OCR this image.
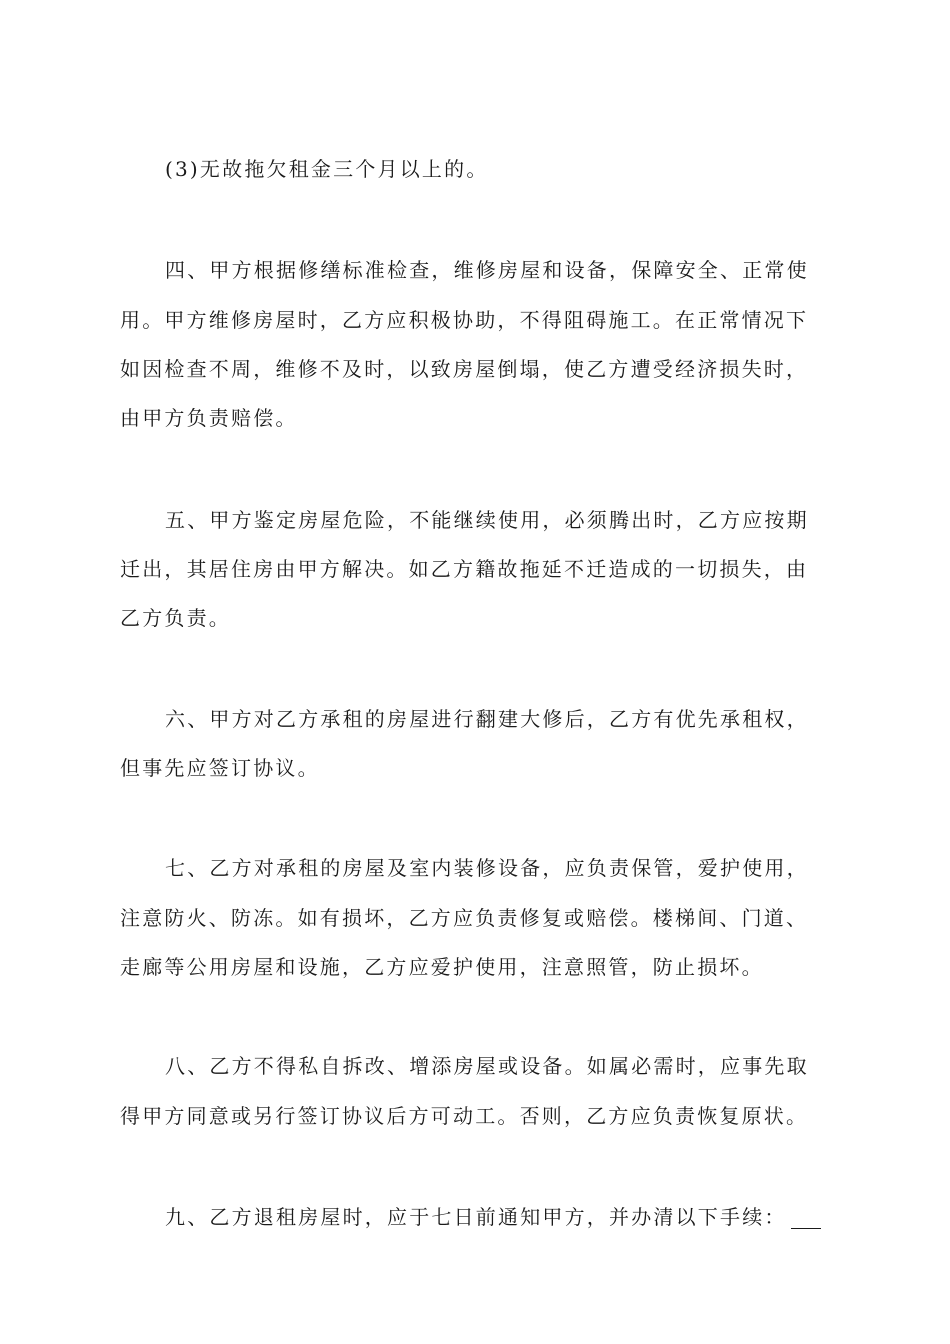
(3)无故拖欠租金三个月以上的。
四、甲方根据修缮标准检查，维修房屋和设备，保障安全、正常使
用。甲方维修房屋时，乙方应积极协助，不得阻碍施工。在正常情况下
如因检查不周，维修不及时，以致房屋倒塌，使乙方遭受经济损失时，
由甲方负责赔偿。
五、甲方鉴定房屋危险，不能继续使用，必须腾出时，乙方应按期
迁出，其居住房由甲方解决。如乙方籍故拖延不迁造成的一切损失，由
乙方负责。
六、甲方对乙方承租的房屋进行翻建大修后，乙方有优先承租权，
但事先应签订协议。
七、乙方对承租的房屋及室内装修设备，应负责保管，爱护使用，
注意防火、防冻。如有损坏，乙方应负责修复或赔偿。楼梯间、门道、
走廊等公用房屋和设施，乙方应爱护使用，注意照管，防止损坏。
八、乙方不得私自拆改、增添房屋或设备。如属必需时，应事先取
得甲方同意或另行签订协议后方可动工。否则，乙方应负责恢复原状。
九、乙方退租房屋时，应于七日前通知甲方，并办清以下手续：
